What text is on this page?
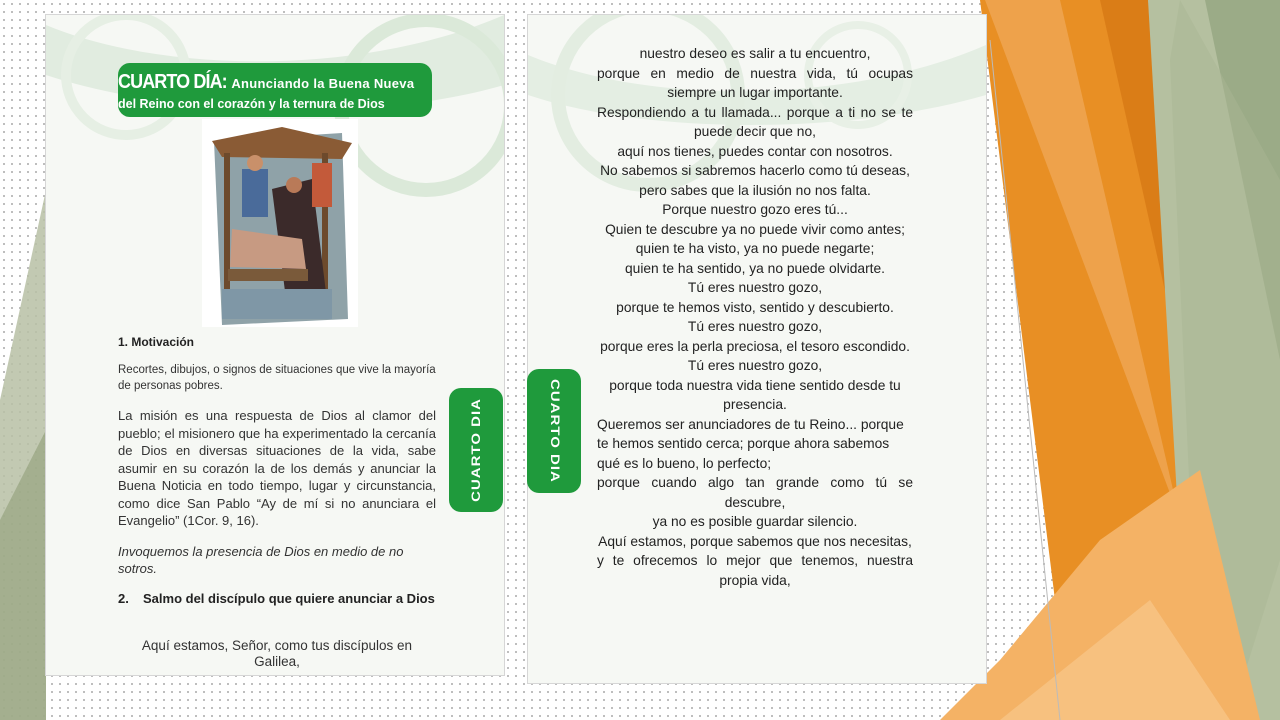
CUARTO DÍA: Anunciando la Buena Nueva
del Reino con el corazón y la ternura de Dios
1. Motivación
Recortes, dibujos, o signos de situaciones que vive la mayoría de personas pobres.
La misión es una respuesta de Dios al clamor del pueblo; el misionero que ha experimentado la cercanía de Dios en diversas situaciones de la vida, sabe asumir en su corazón la de los demás y anunciar la Buena Noticia en todo tiempo, lugar y circunstancia, como dice San Pablo “Ay de mí si no anunciara el Evangelio” (1Cor. 9, 16).
Invoquemos la presencia de Dios en medio de no sotros.
2.	Salmo del discípulo que quiere anunciar a Dios
Aquí estamos, Señor, como tus discípulos en Galilea,
CUARTO DIA	CUARTO DIA

nuestro deseo es salir a tu encuentro,

porque en medio de nuestra vida, tú ocupas siempre un lugar importante.

Respondiendo a tu llamada... porque a ti no se te puede decir que no,

aquí nos tienes, puedes contar con nosotros.

No sabemos si sabremos hacerlo como tú deseas,

pero sabes que la ilusión no nos falta.

Porque nuestro gozo eres tú...

Quien te descubre ya no puede vivir como antes; quien te ha visto, ya no puede negarte;

quien te ha sentido, ya no puede olvidarte.

Tú eres nuestro gozo,

porque te hemos visto, sentido y descubierto.

Tú eres nuestro gozo,

porque eres la perla preciosa, el tesoro escondido. Tú eres nuestro gozo,

porque toda nuestra vida tiene sentido desde tu presencia.

Queremos ser anunciadores de tu Reino... porque te hemos sentido cerca; porque ahora sabemos qué es lo bueno, lo perfecto;

porque cuando algo tan grande como tú se descubre,

ya no es posible guardar silencio.

Aquí estamos, porque sabemos que nos necesitas,

y te ofrecemos lo mejor que tenemos, nuestra propia vida,
